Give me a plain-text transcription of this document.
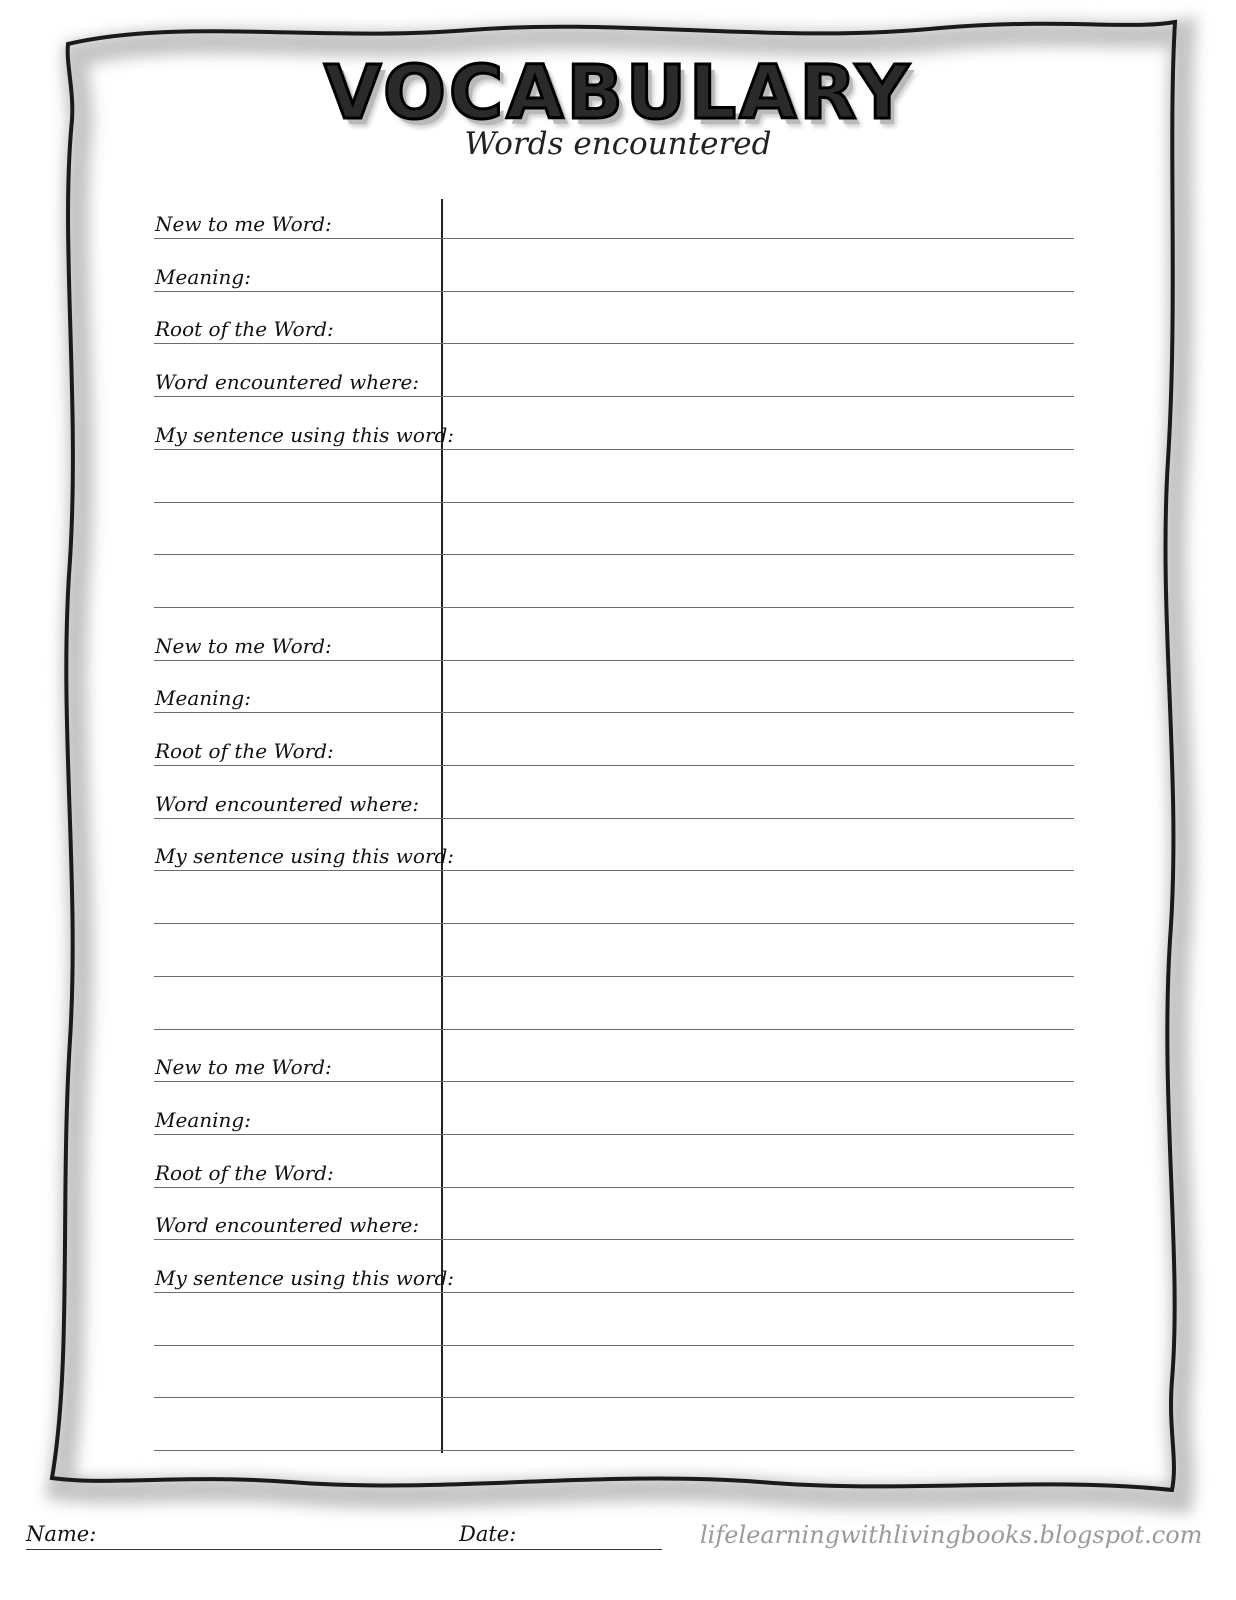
VOCABULARY
Words encountered
New to me Word:
Meaning:
Root of the Word:
Word encountered where:
My sentence using this word:
New to me Word:
Meaning:
Root of the Word:
Word encountered where:
My sentence using this word:
New to me Word:
Meaning:
Root of the Word:
Word encountered where:
My sentence using this word:
Name:	Date:	lifelearningwithlivingbooks.blogspot.com
